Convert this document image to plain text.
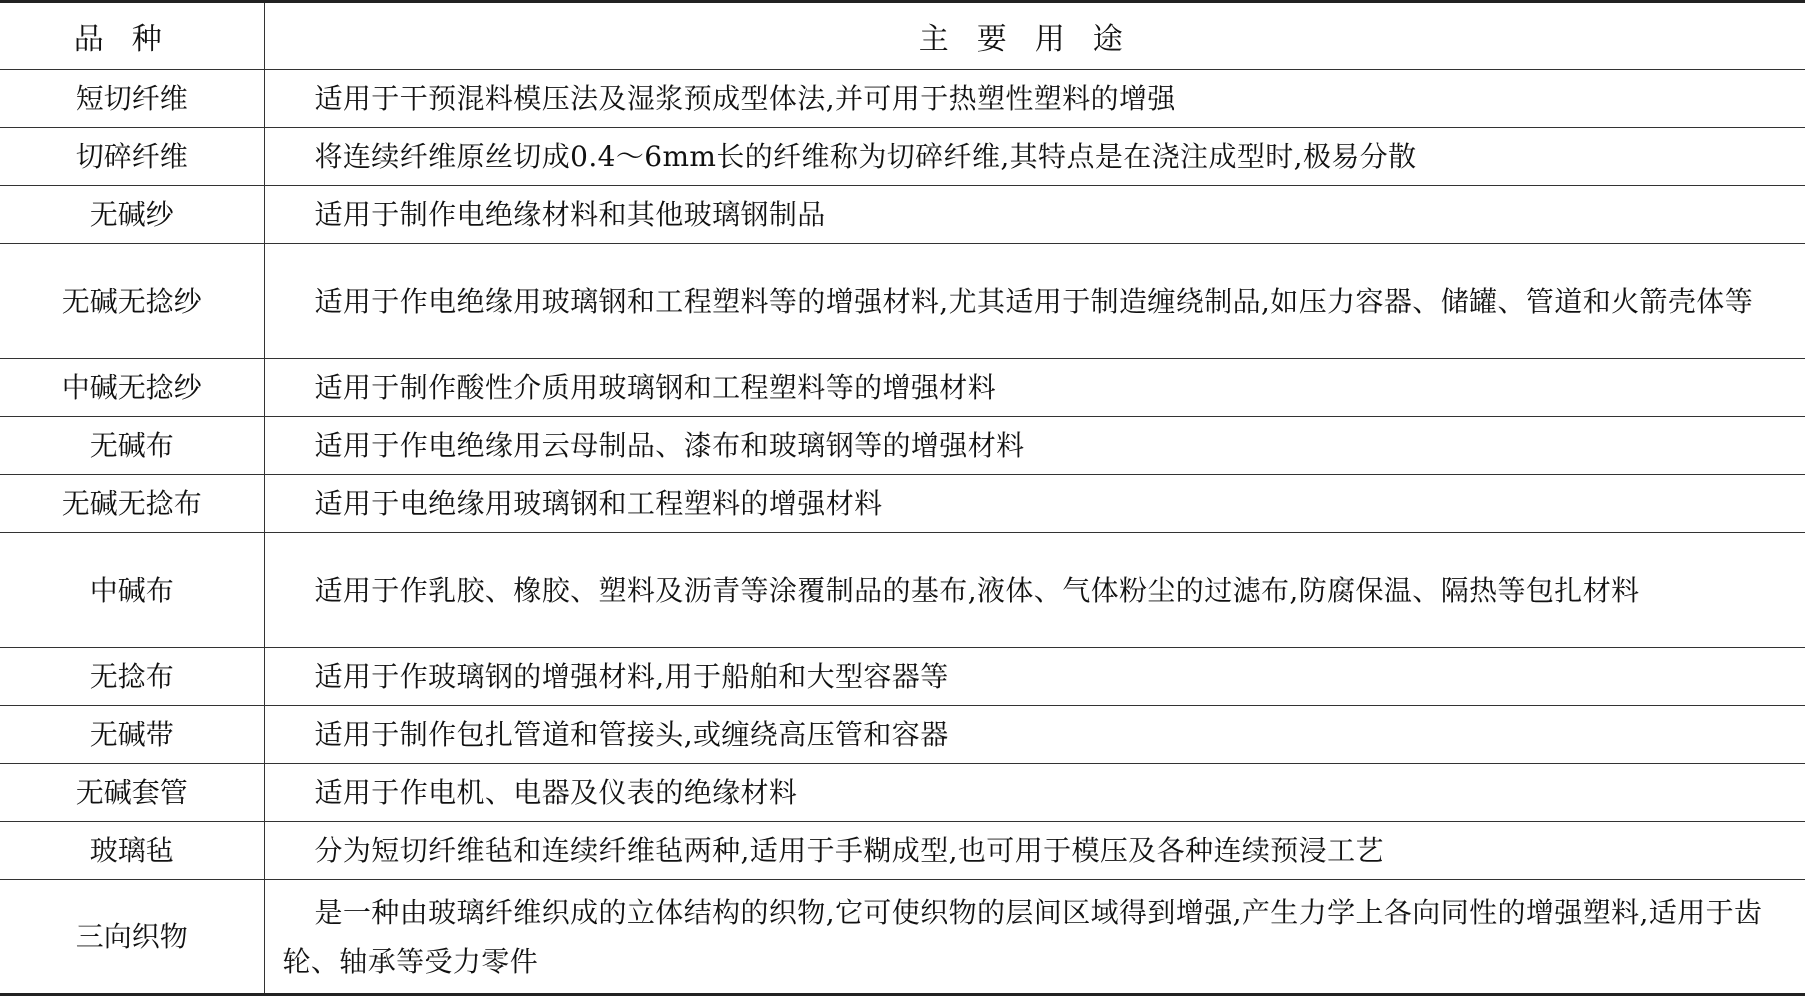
品种	主要用途
短切纤维	适用于干预混料模压法及湿浆预成型体法,并可用于热塑性塑料的增强
切碎纤维	将连续纤维原丝切成0.4～6mm长的纤维称为切碎纤维,其特点是在浇注成型时,极易分散
无碱纱	适用于制作电绝缘材料和其他玻璃钢制品
无碱无捻纱	适用于作电绝缘用玻璃钢和工程塑料等的增强材料,尤其适用于制造缠绕制品,如压力容器、储罐、管道和火箭壳体等
中碱无捻纱	适用于制作酸性介质用玻璃钢和工程塑料等的增强材料
无碱布	适用于作电绝缘用云母制品、漆布和玻璃钢等的增强材料
无碱无捻布	适用于电绝缘用玻璃钢和工程塑料的增强材料
中碱布	适用于作乳胶、橡胶、塑料及沥青等涂覆制品的基布,液体、气体粉尘的过滤布,防腐保温、隔热等包扎材料
无捻布	适用于作玻璃钢的增强材料,用于船舶和大型容器等
无碱带	适用于制作包扎管道和管接头,或缠绕高压管和容器
无碱套管	适用于作电机、电器及仪表的绝缘材料
玻璃毡	分为短切纤维毡和连续纤维毡两种,适用于手糊成型,也可用于模压及各种连续预浸工艺
三向织物	是一种由玻璃纤维织成的立体结构的织物,它可使织物的层间区域得到增强,产生力学上各向同性的增强塑料,适用于齿轮、轴承等受力零件
